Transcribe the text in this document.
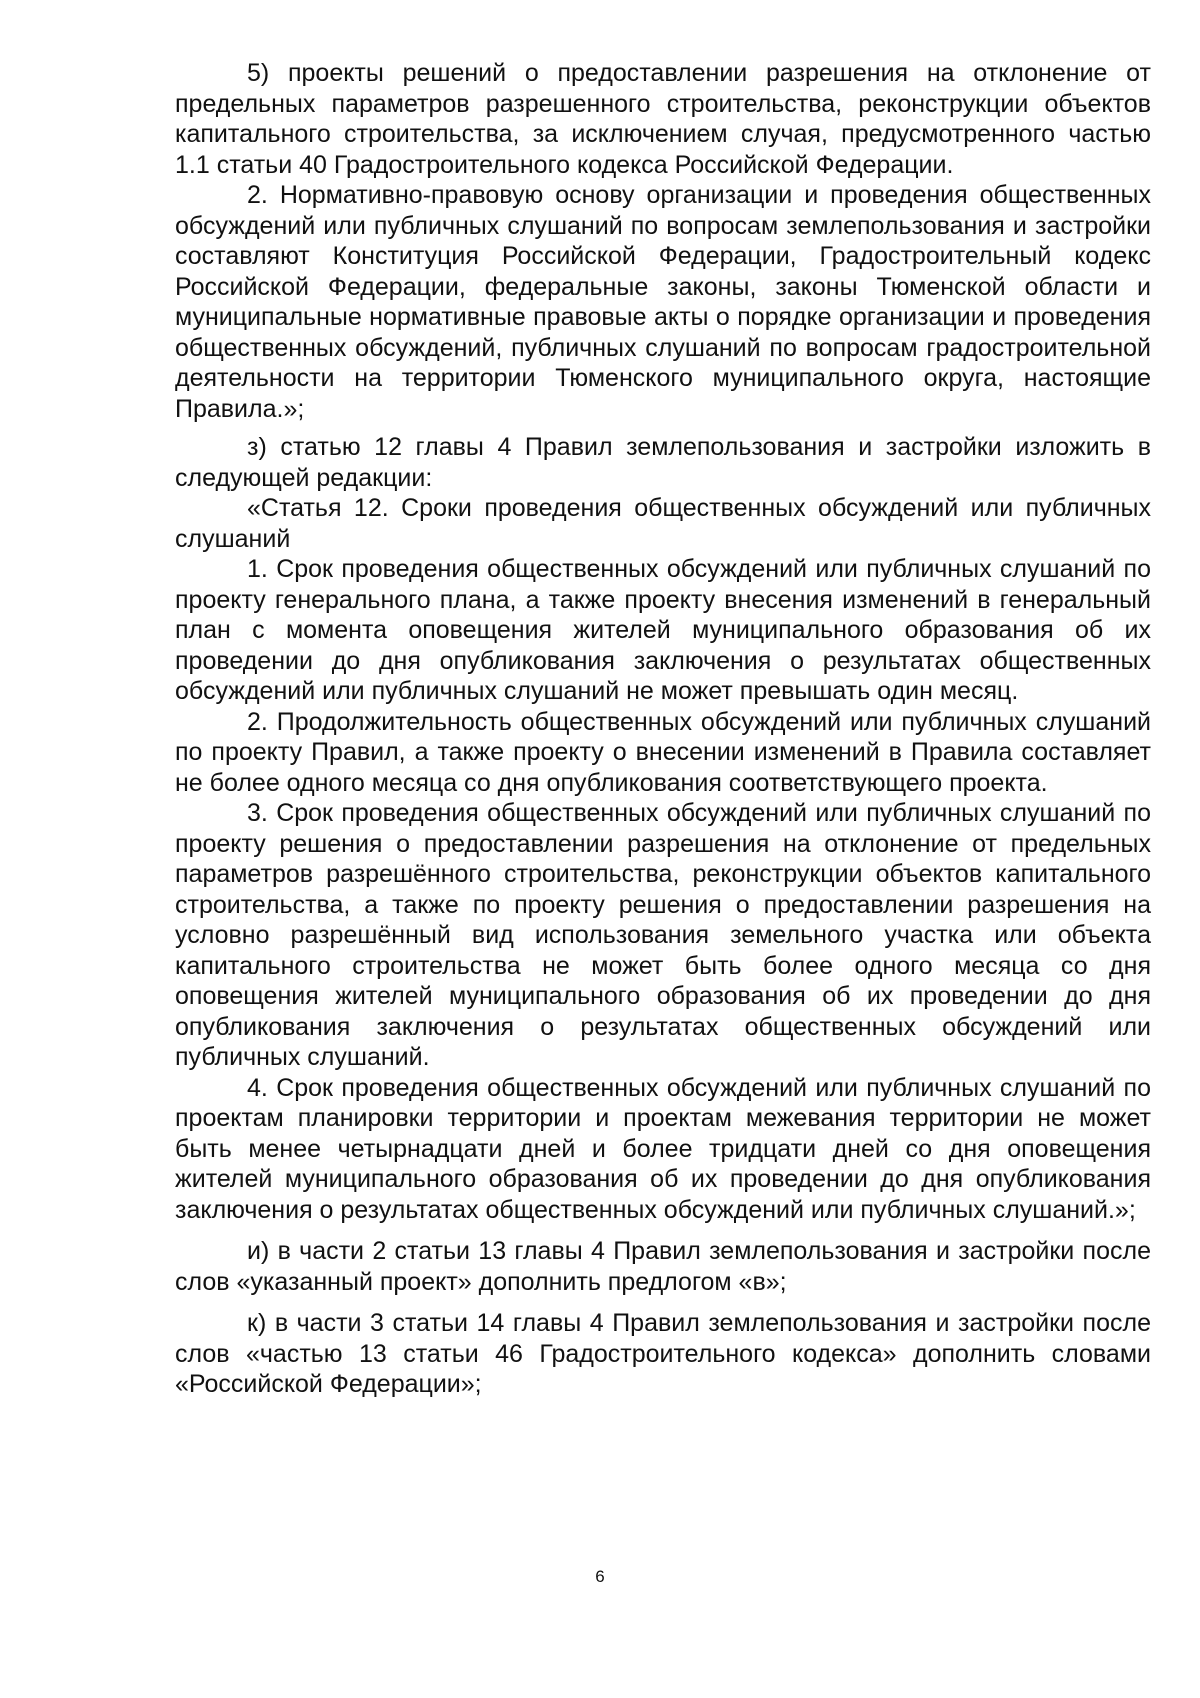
5) проекты решений о предоставлении разрешения на отклонение от предельных параметров разрешенного строительства, реконструкции объектов капитального строительства, за исключением случая, предусмотренного частью 1.1 статьи 40 Градостроительного кодекса Российской Федерации.

2. Нормативно-правовую основу организации и проведения общественных обсуждений или публичных слушаний по вопросам землепользования и застройки составляют Конституция Российской Федерации, Градостроительный кодекс Российской Федерации, федеральные законы, законы Тюменской области и муниципальные нормативные правовые акты о порядке организации и проведения общественных обсуждений, публичных слушаний по вопросам градостроительной деятельности на территории Тюменского муниципального округа, настоящие Правила.»;

з) статью 12 главы 4 Правил землепользования и застройки изложить в следующей редакции:

«Статья 12. Сроки проведения общественных обсуждений или публичных слушаний

1. Срок проведения общественных обсуждений или публичных слушаний по проекту генерального плана, а также проекту внесения изменений в генеральный план с момента оповещения жителей муниципального образования об их проведении до дня опубликования заключения о результатах общественных обсуждений или публичных слушаний не может превышать один месяц.

2. Продолжительность общественных обсуждений или публичных слушаний по проекту Правил, а также проекту о внесении изменений в Правила составляет не более одного месяца со дня опубликования соответствующего проекта.

3. Срок проведения общественных обсуждений или публичных слушаний по проекту решения о предоставлении разрешения на отклонение от предельных параметров разрешённого строительства, реконструкции объектов капитального строительства, а также по проекту решения о предоставлении разрешения на условно разрешённый вид использования земельного участка или объекта капитального строительства не может быть более одного месяца со дня оповещения жителей муниципального образования об их проведении до дня опубликования заключения о результатах общественных обсуждений или публичных слушаний.

4. Срок проведения общественных обсуждений или публичных слушаний по проектам планировки территории и проектам межевания территории не может быть менее четырнадцати дней и более тридцати дней со дня оповещения жителей муниципального образования об их проведении до дня опубликования заключения о результатах общественных обсуждений или публичных слушаний.»;

и) в части 2 статьи 13 главы 4 Правил землепользования и застройки после слов «указанный проект» дополнить предлогом «в»;

к) в части 3 статьи 14 главы 4 Правил землепользования и застройки после слов «частью 13 статьи 46 Градостроительного кодекса» дополнить словами «Российской Федерации»;

6
